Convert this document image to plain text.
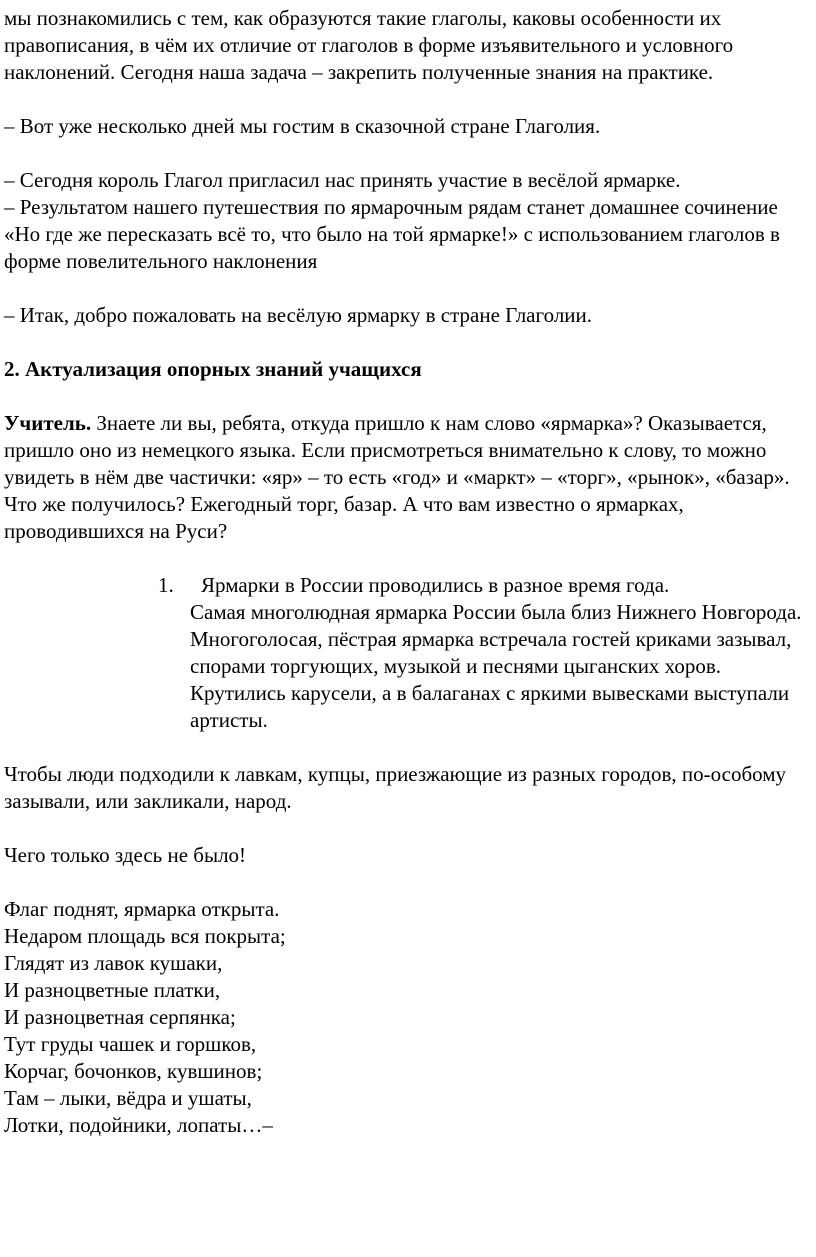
мы познакомились с тем, как образуются такие глаголы, каковы особенности их правописания, в чём их отличие от глаголов в форме изъявительного и условного наклонений. Сегодня наша задача – закрепить полученные знания на практике.

– Вот уже несколько дней мы гостим в сказочной стране Глаголия.

– Сегодня король Глагол пригласил нас принять участие в весёлой ярмарке.

– Результатом нашего путешествия по ярмарочным рядам станет домашнее сочинение «Но где же пересказать всё то, что было на той ярмарке!» с использованием глаголов в форме повелительного наклонения

– Итак, добро пожаловать на весёлую ярмарку в стране Глаголии.

2. Актуализация опорных знаний учащихся

Учитель. Знаете ли вы, ребята, откуда пришло к нам слово «ярмарка»? Оказывается, пришло оно из немецкого языка. Если присмотреться внимательно к слову, то можно увидеть в нём две частички: «яр» – то есть «год» и «маркт» – «торг», «рынок», «базар». Что же получилось? Ежегодный торг, базар. А что вам известно о ярмарках, проводившихся на Руси?

1.	Ярмарки в России проводились в разное время года.
Самая многолюдная ярмарка России была близ Нижнего Новгорода.
Многоголосая, пёстрая ярмарка встречала гостей криками зазывал, спорами торгующих, музыкой и песнями цыганских хоров.
Крутились карусели, а в балаганах с яркими вывесками выступали артисты.

Чтобы люди подходили к лавкам, купцы, приезжающие из разных городов, по-особому зазывали, или закликали, народ.

Чего только здесь не было!

Флаг поднят, ярмарка открыта.
Недаром площадь вся покрыта;
Глядят из лавок кушаки,
И разноцветные платки,
И разноцветная серпянка;
Тут груды чашек и горшков,
Корчаг, бочонков, кувшинов;
Там – лыки, вёдра и ушаты,
Лотки, подойники, лопаты…–
